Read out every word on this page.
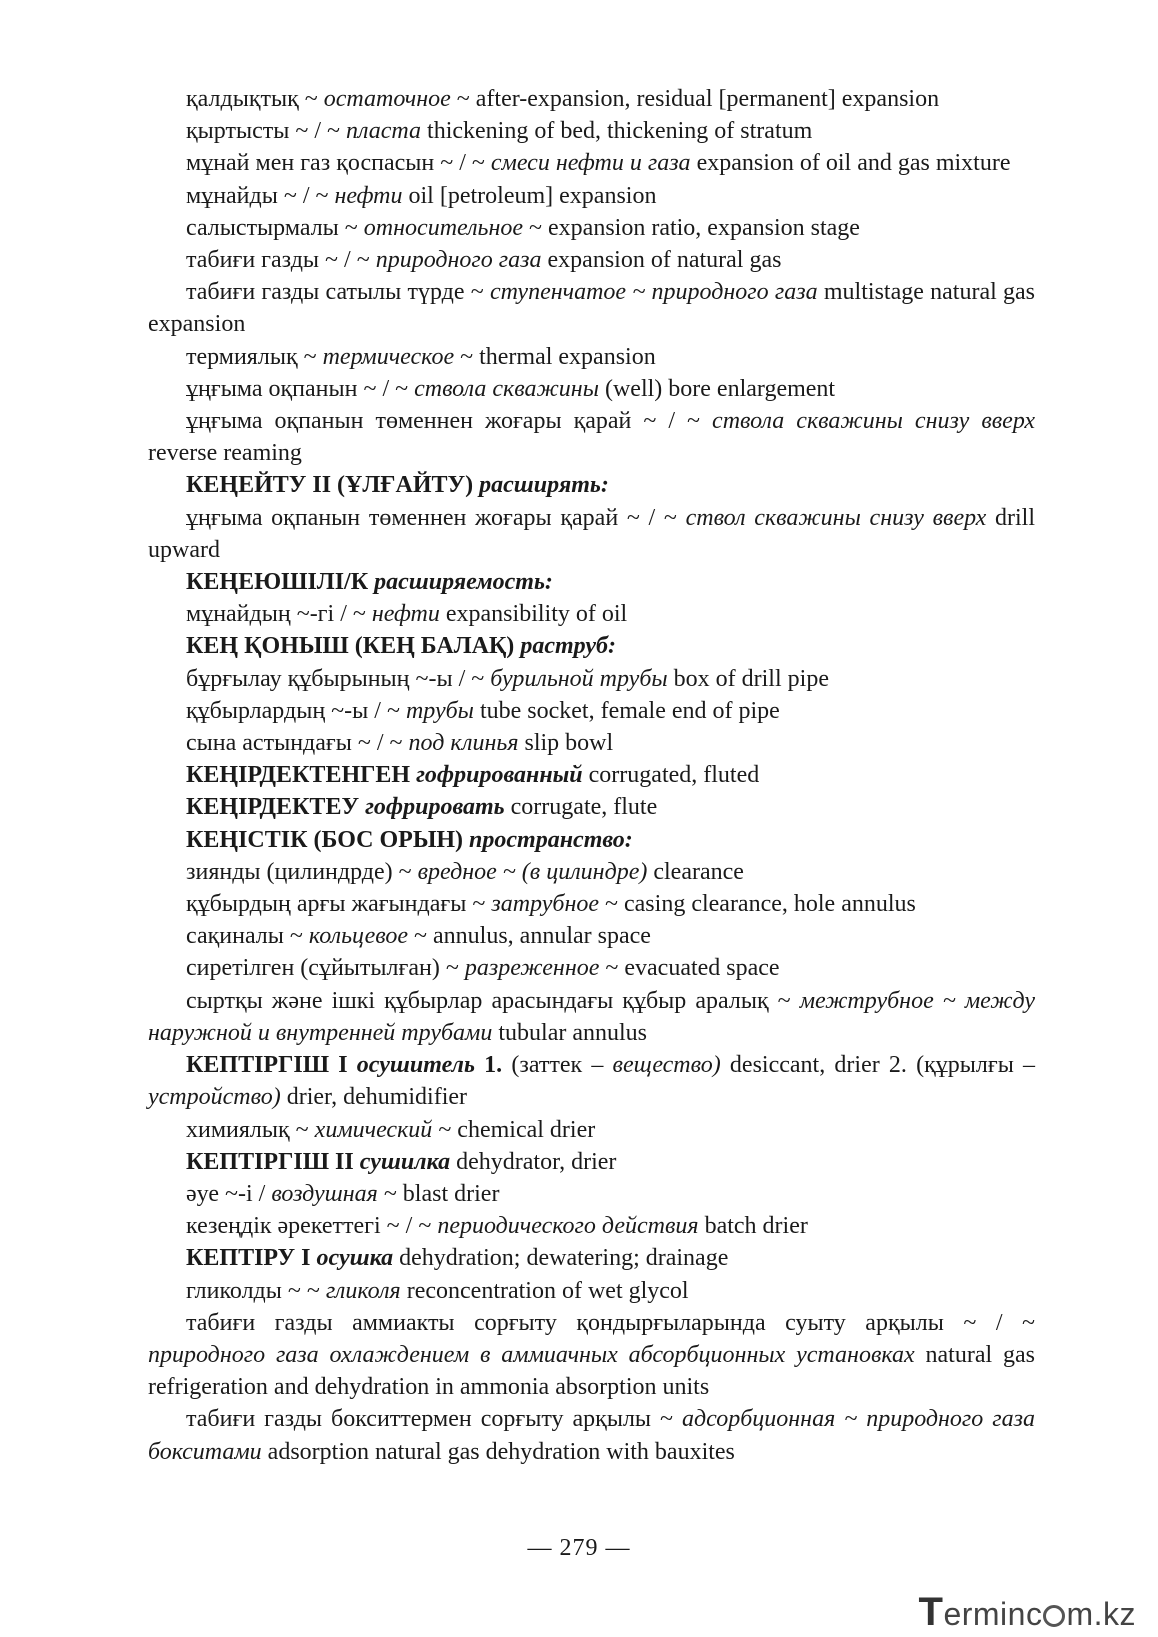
қалдықтық ~ остаточное ~ after-expansion, residual [permanent] expansion

қыртысты ~ / ~ пласта thickening of bed, thickening of stratum

мұнай мен газ қоспасын ~ / ~ смеси нефти и газа expansion of oil and gas mixture

мұнайды ~ / ~ нефти oil [petroleum] expansion

салыстырмалы ~ относительное ~ expansion ratio, expansion stage

табиғи газды ~ / ~ природного газа expansion of natural gas

табиғи газды сатылы түрде ~ ступенчатое ~ природного газа multistage natural gas expansion

термиялық ~ термическое ~ thermal expansion

ұңғыма оқпанын ~ / ~ ствола скважины (well) bore enlargement

ұңғыма оқпанын төменнен жоғары қарай ~ / ~ ствола скважины снизу вверх reverse reaming

КЕҢЕЙТУ ІІ (ҰЛҒАЙТУ) расширять:

ұңғыма оқпанын төменнен жоғары қарай ~ / ~ ствол скважины снизу вверх drill upward

КЕҢЕЮШІЛІ/К расширяемость:

мұнайдың ~-гі / ~ нефти expansibility of oil

КЕҢ ҚОНЫШ (КЕҢ БАЛАҚ) раструб:

бұрғылау құбырының ~-ы / ~ бурильной трубы box of drill pipe

құбырлардың ~-ы / ~ трубы tube socket, female end of pipe

сына астындағы ~ / ~ под клинья slip bowl

КЕҢІРДЕКТЕНГЕН гофрированный corrugated, fluted

КЕҢІРДЕКТЕУ гофрировать corrugate, flute

КЕҢІСТІК (БОС ОРЫН) пространство:

зиянды (цилиндрде) ~ вредное ~ (в цилиндре) clearance

құбырдың арғы жағындағы ~ затрубное ~ casing clearance, hole annulus

сақиналы ~ кольцевое ~ annulus, annular space

сиретілген (сұйытылған) ~ разреженное ~ evacuated space

сыртқы және ішкі құбырлар арасындағы құбыр аралық ~ межтрубное ~ между наружной и внутренней трубами tubular annulus

КЕПТІРГІШ І осушитель 1. (заттек – вещество) desiccant, drier 2. (құрылғы – устройство) drier, dehumidifier

химиялық ~ химический ~ chemical drier

КЕПТІРГІШ ІІ сушилка dehydrator, drier

әуе ~-і / воздушная ~ blast drier

кезеңдік әрекеттегі ~ / ~ периодического действия batch drier

КЕПТІРУ І осушка dehydration; dewatering; drainage

гликолды ~ ~ гликоля reconcentration of wet glycol

табиғи газды аммиакты сорғыту қондырғыларында суыту арқылы ~ / ~ природного газа охлаждением в аммиачных абсорбционных установках natural gas refrigeration and dehydration in ammonia absorption units

табиғи газды бокситтермен сорғыту арқылы ~ адсорбционная ~ природного газа бокситами adsorption natural gas dehydration with bauxites

— 279 —
Terminc m.kz
